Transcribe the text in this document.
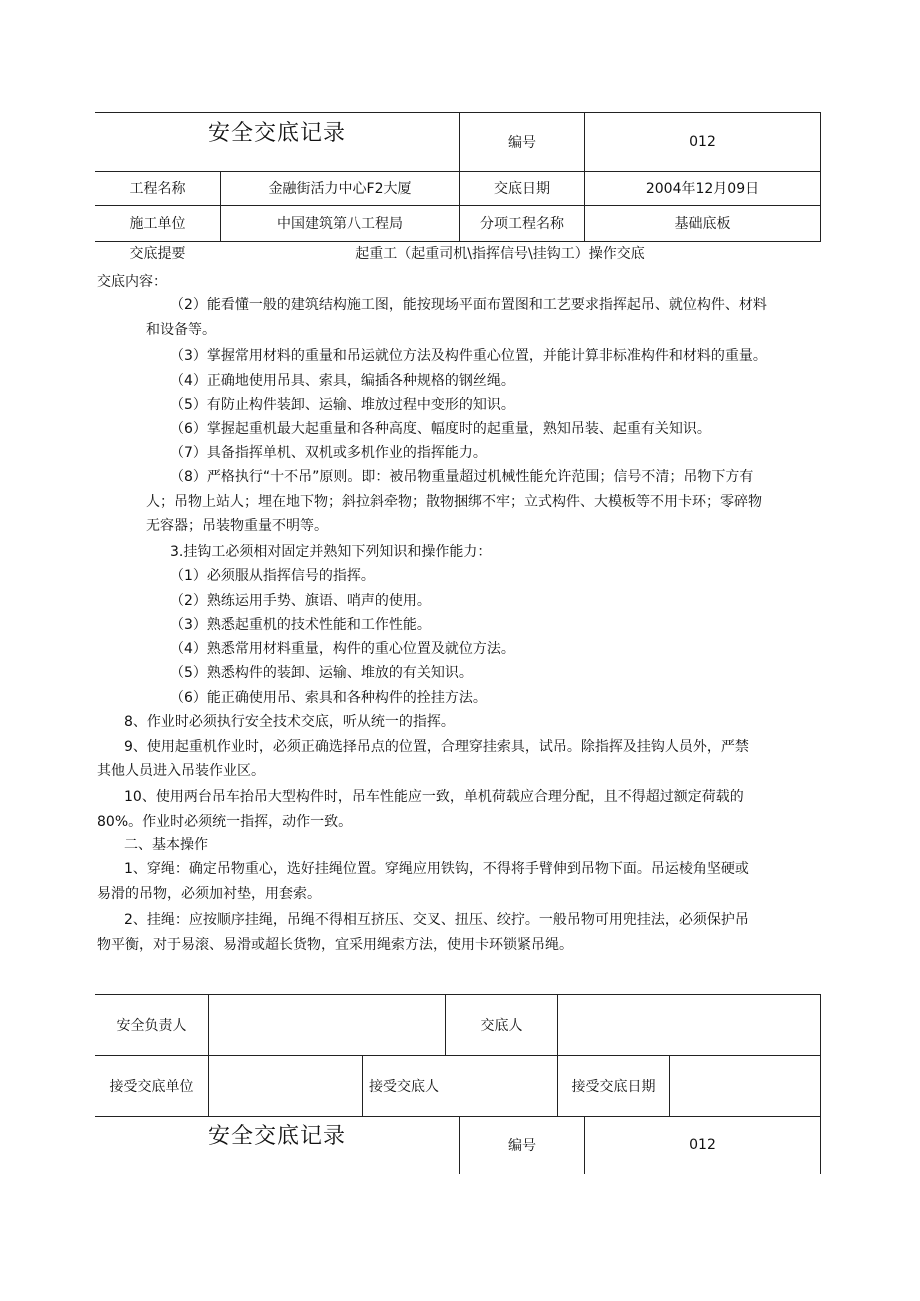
安全交底记录	编号	012
工程名称	金融街活力中心F2大厦	交底日期	2004年12月09日
施工单位	中国建筑第八工程局	分项工程名称	基础底板
交底提要	起重工（起重司机\指挥信号\挂钩工）操作交底
交底内容：
（2）能看懂一般的建筑结构施工图，能按现场平面布置图和工艺要求指挥起吊、就位构件、材料
和设备等。
（3）掌握常用材料的重量和吊运就位方法及构件重心位置，并能计算非标准构件和材料的重量。
（4）正确地使用吊具、索具，编插各种规格的钢丝绳。
（5）有防止构件装卸、运输、堆放过程中变形的知识。
（6）掌握起重机最大起重量和各种高度、幅度时的起重量，熟知吊装、起重有关知识。
（7）具备指挥单机、双机或多机作业的指挥能力。
（8）严格执行“十不吊”原则。即：被吊物重量超过机械性能允许范围；信号不清；吊物下方有
人；吊物上站人；埋在地下物；斜拉斜牵物；散物捆绑不牢；立式构件、大模板等不用卡环；零碎物
无容器；吊装物重量不明等。
3.挂钩工必须相对固定并熟知下列知识和操作能力：
（1）必须服从指挥信号的指挥。
（2）熟练运用手势、旗语、哨声的使用。
（3）熟悉起重机的技术性能和工作性能。
（4）熟悉常用材料重量，构件的重心位置及就位方法。
（5）熟悉构件的装卸、运输、堆放的有关知识。
（6）能正确使用吊、索具和各种构件的拴挂方法。
8、作业时必须执行安全技术交底，听从统一的指挥。
9、使用起重机作业时，必须正确选择吊点的位置，合理穿挂索具，试吊。除指挥及挂钩人员外，严禁
其他人员进入吊装作业区。
10、使用两台吊车抬吊大型构件时，吊车性能应一致，单机荷载应合理分配，且不得超过额定荷载的
80%。作业时必须统一指挥，动作一致。
二、基本操作
1、穿绳：确定吊物重心，选好挂绳位置。穿绳应用铁钩，不得将手臂伸到吊物下面。吊运棱角坚硬或
易滑的吊物，必须加衬垫，用套索。
2、挂绳：应按顺序挂绳，吊绳不得相互挤压、交叉、扭压、绞拧。一般吊物可用兜挂法，必须保护吊
物平衡，对于易滚、易滑或超长货物，宜采用绳索方法，使用卡环锁紧吊绳。
安全负责人	交底人
接受交底单位	接受交底人	接受交底日期
安全交底记录	编号	012
